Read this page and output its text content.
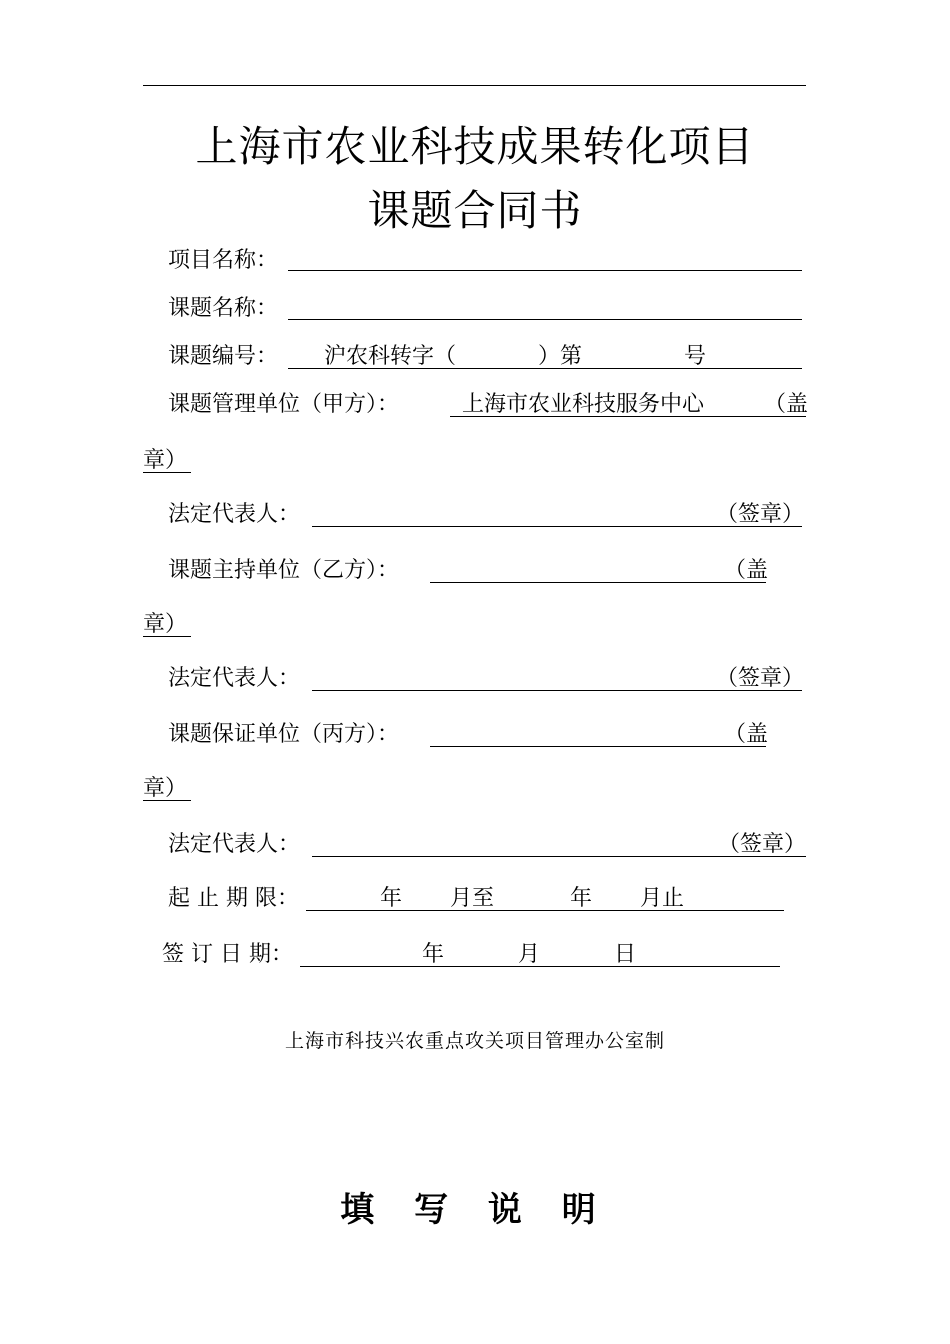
上海市农业科技成果转化项目
课题合同书
项目名称：
课题名称：
课题编号： 沪农科转字（	）第	号
课题管理单位（甲方）：	上海市农业科技服务中心	（盖
章）
法定代表人：	（签章）
课题主持单位（乙方）：	（盖
章）
法定代表人：	（签章）
课题保证单位（丙方）：	（盖
章）
法定代表人：	（签章）
起 止 期 限：	年 月至	年 月止
签 订 日 期：	年	月	日
上海市科技兴农重点攻关项目管理办公室制
填 写 说 明
